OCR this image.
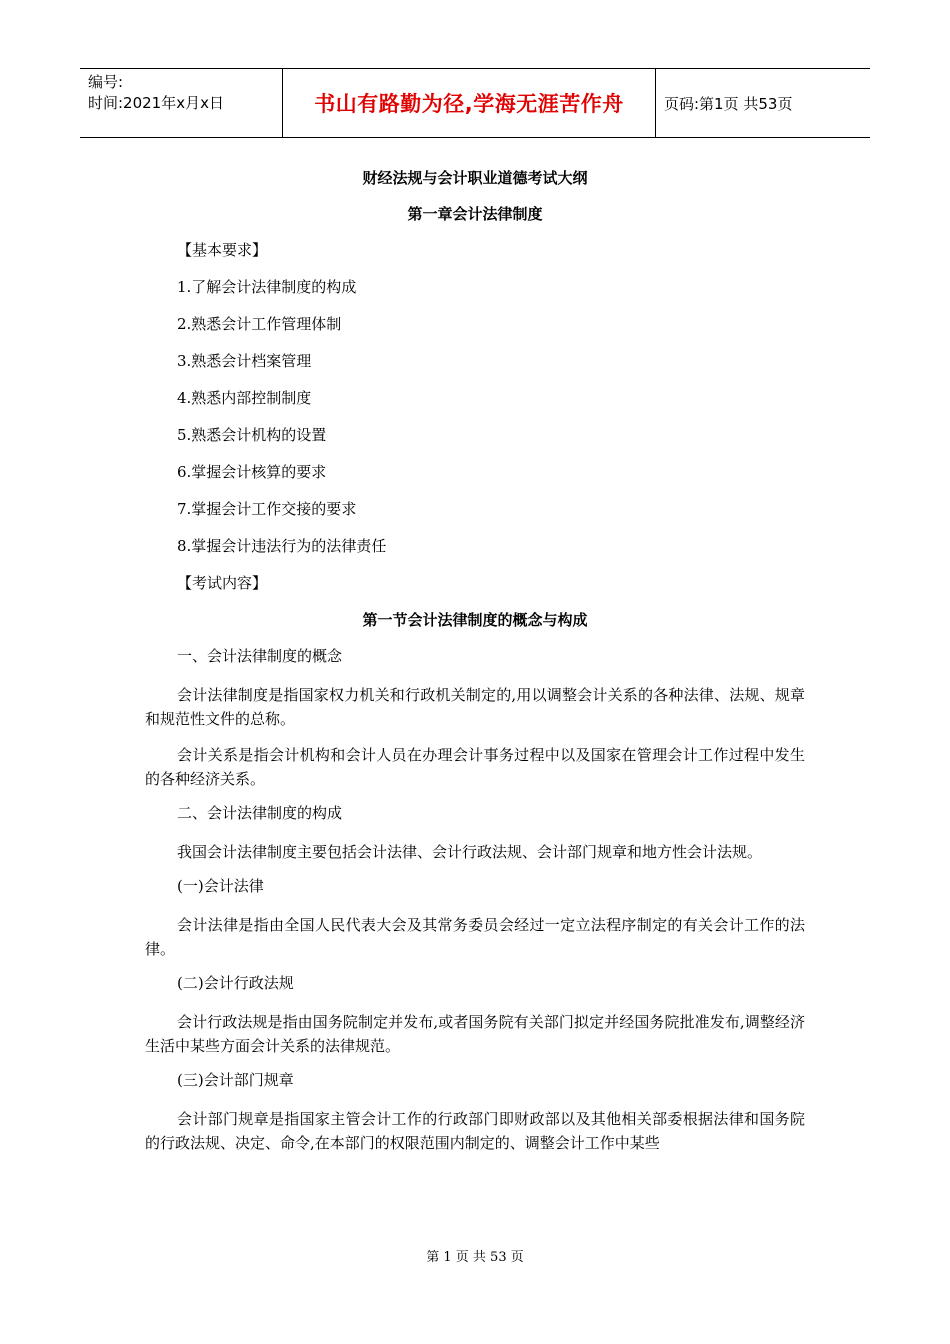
编号:
时间:2021年x月x日	书山有路勤为径,学海无涯苦作舟	页码:第1页 共53页
财经法规与会计职业道德考试大纲
第一章会计法律制度
【基本要求】
1.了解会计法律制度的构成
2.熟悉会计工作管理体制
3.熟悉会计档案管理
4.熟悉内部控制制度
5.熟悉会计机构的设置
6.掌握会计核算的要求
7.掌握会计工作交接的要求
8.掌握会计违法行为的法律责任
【考试内容】
第一节会计法律制度的概念与构成
一、会计法律制度的概念
会计法律制度是指国家权力机关和行政机关制定的,用以调整会计关系的各种法律、法规、规章和规范性文件的总称。
会计关系是指会计机构和会计人员在办理会计事务过程中以及国家在管理会计工作过程中发生的各种经济关系。
二、会计法律制度的构成
我国会计法律制度主要包括会计法律、会计行政法规、会计部门规章和地方性会计法规。
(一)会计法律
会计法律是指由全国人民代表大会及其常务委员会经过一定立法程序制定的有关会计工作的法律。
(二)会计行政法规
会计行政法规是指由国务院制定并发布,或者国务院有关部门拟定并经国务院批准发布,调整经济生活中某些方面会计关系的法律规范。
(三)会计部门规章
会计部门规章是指国家主管会计工作的行政部门即财政部以及其他相关部委根据法律和国务院的行政法规、决定、命令,在本部门的权限范围内制定的、调整会计工作中某些
第 1 页 共 53 页
